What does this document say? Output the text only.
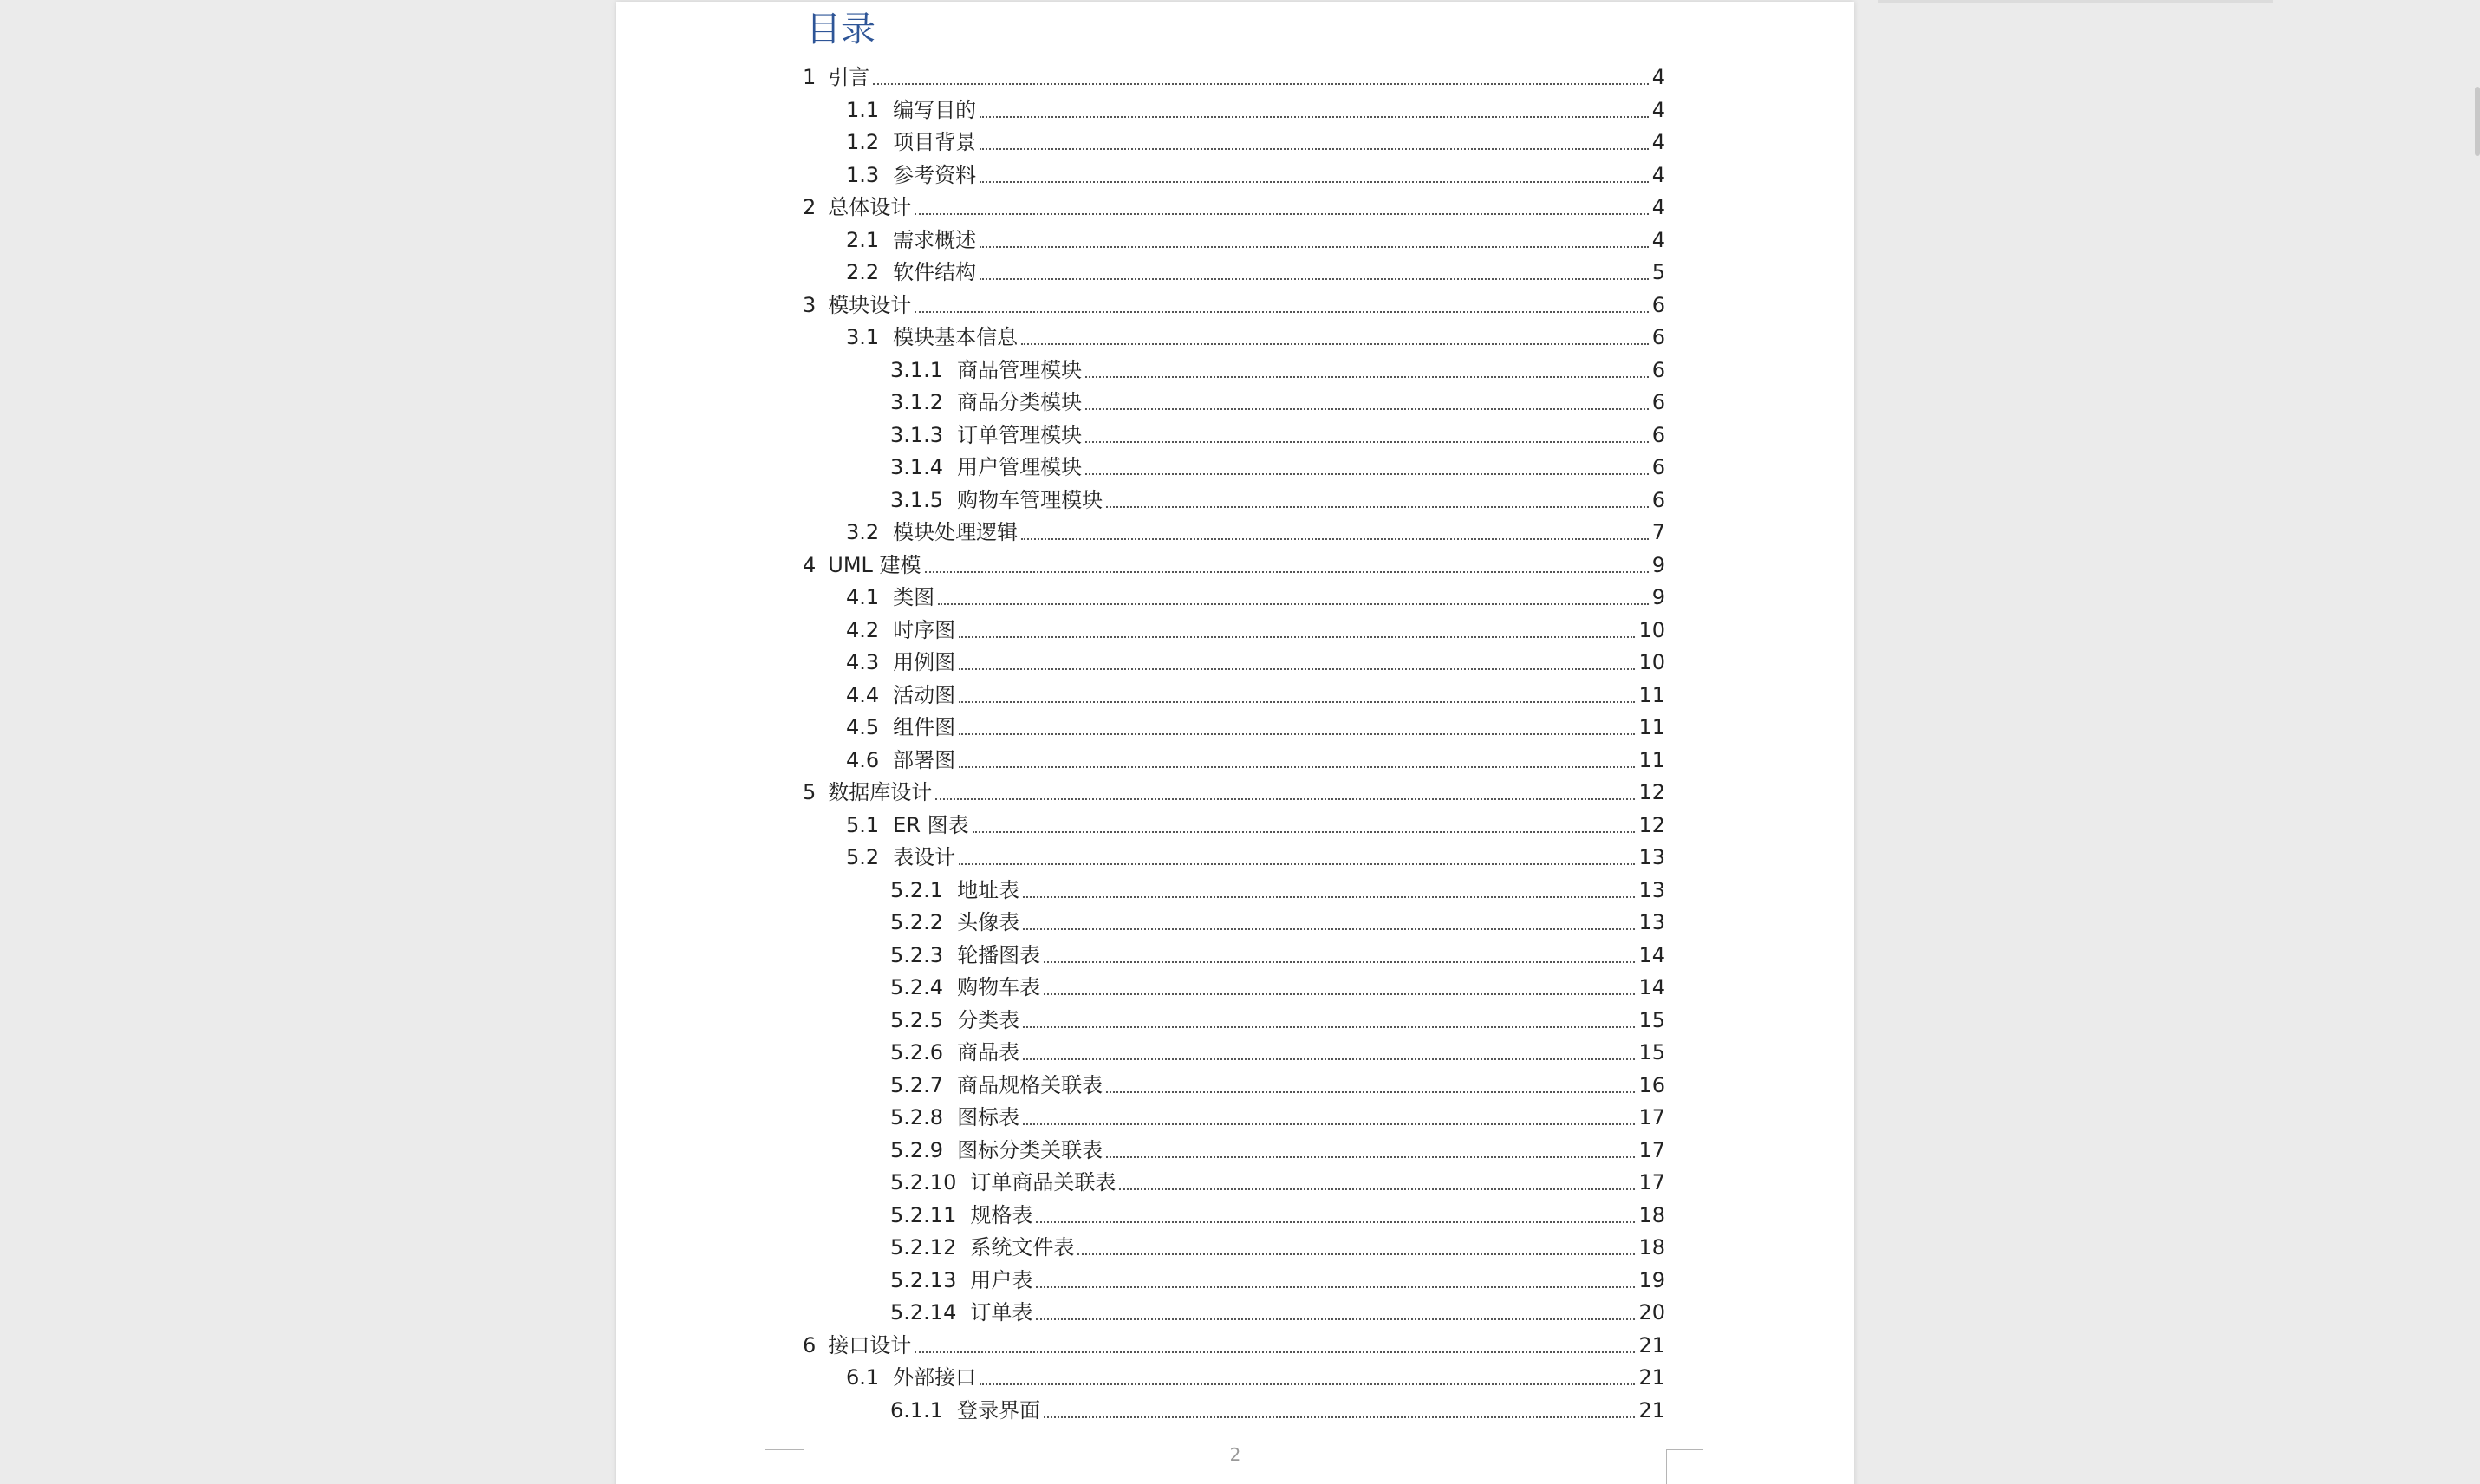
目录
1 引言	4
1.1 编写目的	4
1.2 项目背景	4
1.3 参考资料	4
2 总体设计	4
2.1 需求概述	4
2.2 软件结构	5
3 模块设计	6
3.1 模块基本信息	6
3.1.1 商品管理模块	6
3.1.2 商品分类模块	6
3.1.3 订单管理模块	6
3.1.4 用户管理模块	6
3.1.5 购物车管理模块	6
3.2 模块处理逻辑	7
4 UML 建模	9
4.1 类图	9
4.2 时序图	10
4.3 用例图	10
4.4 活动图	11
4.5 组件图	11
4.6 部署图	11
5 数据库设计	12
5.1 ER 图表	12
5.2 表设计	13
5.2.1 地址表	13
5.2.2 头像表	13
5.2.3 轮播图表	14
5.2.4 购物车表	14
5.2.5 分类表	15
5.2.6 商品表	15
5.2.7 商品规格关联表	16
5.2.8 图标表	17
5.2.9 图标分类关联表	17
5.2.10 订单商品关联表	17
5.2.11 规格表	18
5.2.12 系统文件表	18
5.2.13 用户表	19
5.2.14 订单表	20
6 接口设计	21
6.1 外部接口	21
6.1.1 登录界面	21
2
